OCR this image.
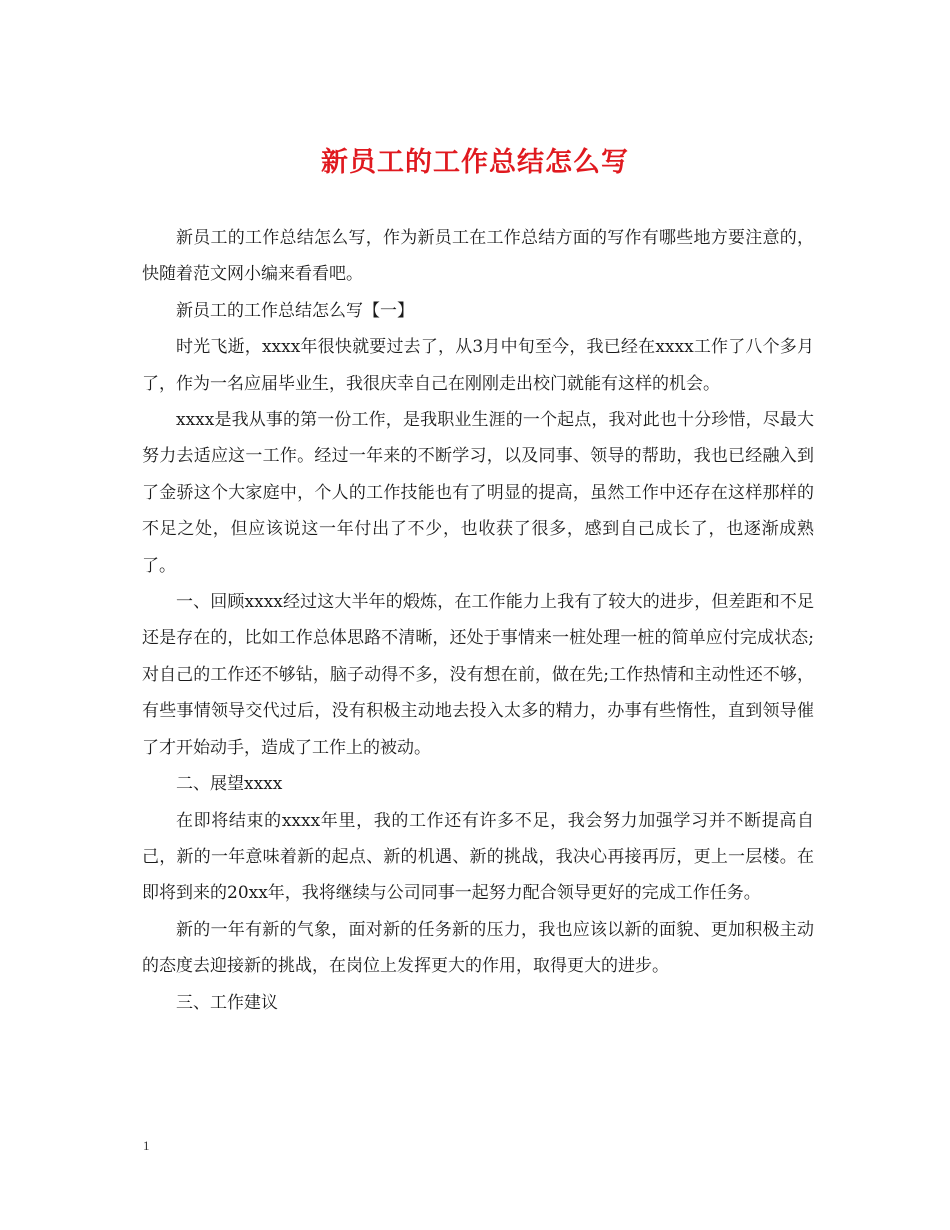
新员工的工作总结怎么写

新员工的工作总结怎么写，作为新员工在工作总结方面的写作有哪些地方要注意的，快随着范文网小编来看看吧。

新员工的工作总结怎么写【一】

时光飞逝，xxxx年很快就要过去了，从3月中旬至今，我已经在xxxx工作了八个多月了，作为一名应届毕业生，我很庆幸自己在刚刚走出校门就能有这样的机会。

xxxx是我从事的第一份工作，是我职业生涯的一个起点，我对此也十分珍惜，尽最大努力去适应这一工作。经过一年来的不断学习，以及同事、领导的帮助，我也已经融入到了金骄这个大家庭中，个人的工作技能也有了明显的提高，虽然工作中还存在这样那样的不足之处，但应该说这一年付出了不少，也收获了很多，感到自己成长了，也逐渐成熟了。

一、回顾xxxx经过这大半年的煅炼，在工作能力上我有了较大的进步，但差距和不足还是存在的，比如工作总体思路不清晰，还处于事情来一桩处理一桩的简单应付完成状态;对自己的工作还不够钻，脑子动得不多，没有想在前，做在先;工作热情和主动性还不够，有些事情领导交代过后，没有积极主动地去投入太多的精力，办事有些惰性，直到领导催了才开始动手，造成了工作上的被动。

二、展望xxxx

在即将结束的xxxx年里，我的工作还有许多不足，我会努力加强学习并不断提高自己，新的一年意味着新的起点、新的机遇、新的挑战，我决心再接再厉，更上一层楼。在即将到来的20xx年，我将继续与公司同事一起努力配合领导更好的完成工作任务。

新的一年有新的气象，面对新的任务新的压力，我也应该以新的面貌、更加积极主动的态度去迎接新的挑战，在岗位上发挥更大的作用，取得更大的进步。

三、工作建议

1
